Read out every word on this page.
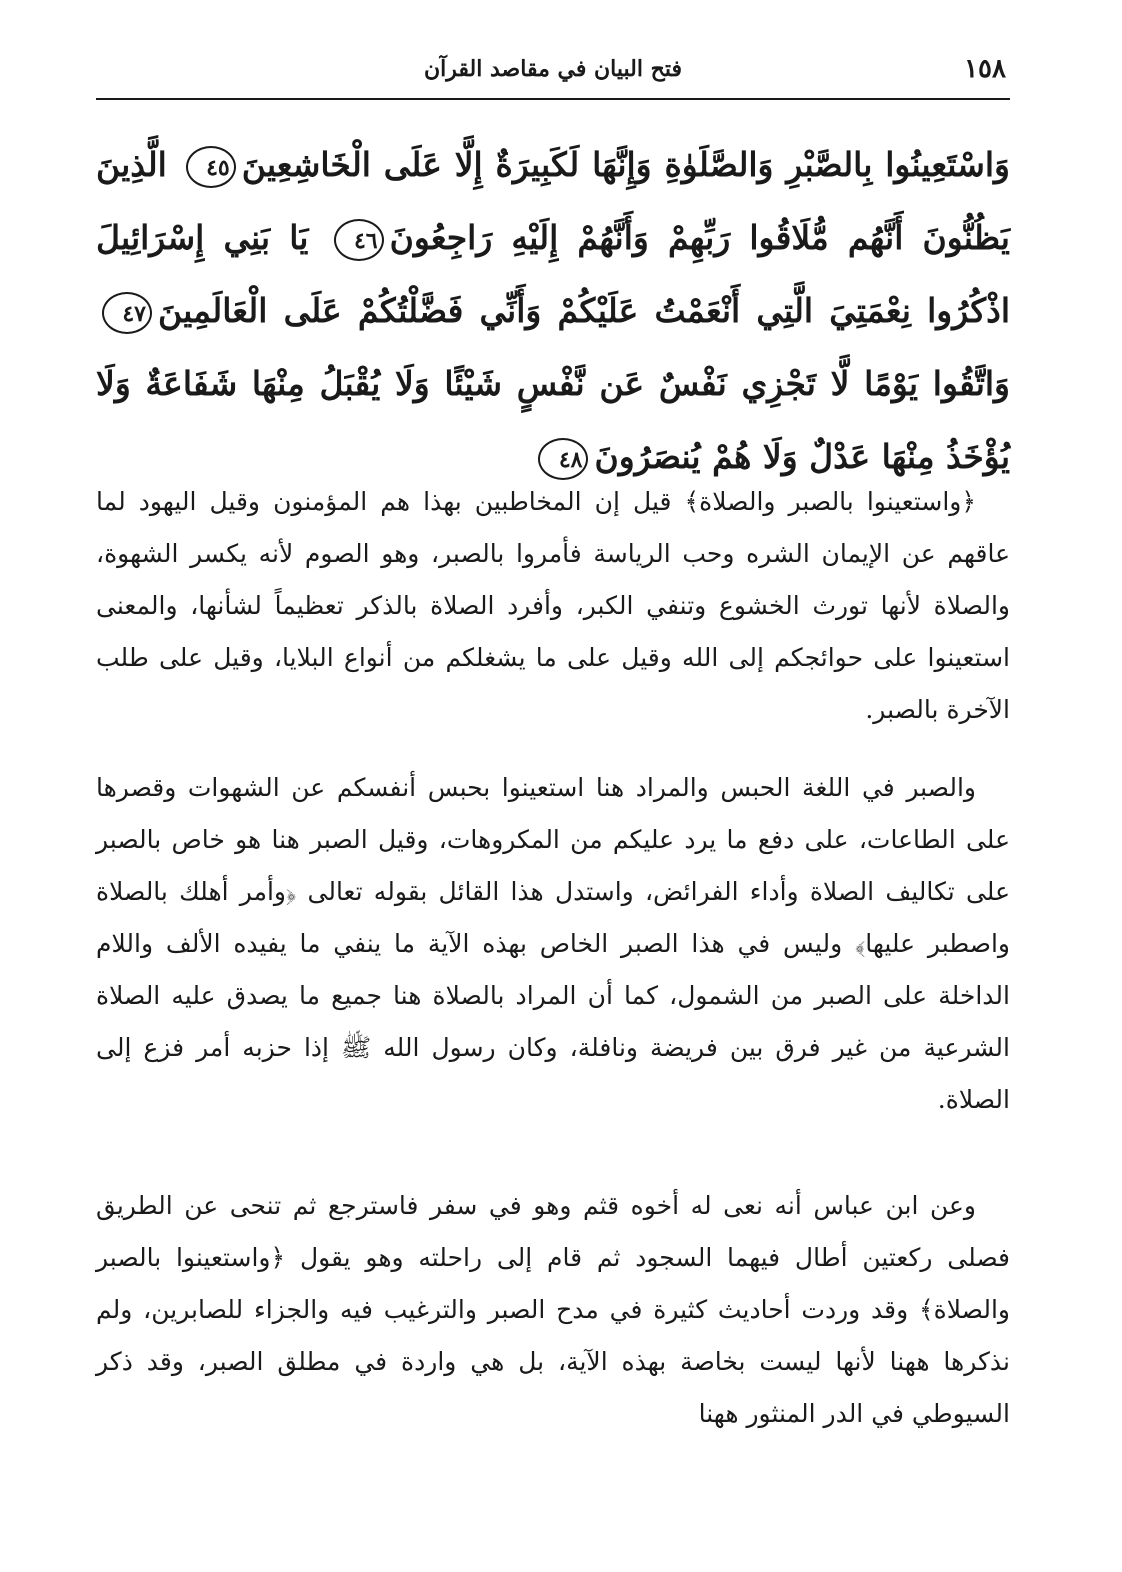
١٥٨
فتح البيان في مقاصد القرآن
وَاسْتَعِينُوا بِالصَّبْرِ وَالصَّلَوٰةِ وَإِنَّهَا لَكَبِيرَةٌ إِلَّا عَلَى الْخَاشِعِينَ٤٥ الَّذِينَ يَظُنُّونَ أَنَّهُم مُّلَاقُوا رَبِّهِمْ وَأَنَّهُمْ إِلَيْهِ رَاجِعُونَ٤٦ يَا بَنِي إِسْرَائِيلَ اذْكُرُوا نِعْمَتِيَ الَّتِي أَنْعَمْتُ عَلَيْكُمْ وَأَنِّي فَضَّلْتُكُمْ عَلَى الْعَالَمِينَ٤٧ وَاتَّقُوا يَوْمًا لَّا تَجْزِي نَفْسٌ عَن نَّفْسٍ شَيْئًا وَلَا يُقْبَلُ مِنْهَا شَفَاعَةٌ وَلَا يُؤْخَذُ مِنْهَا عَدْلٌ وَلَا هُمْ يُنصَرُونَ٤٨

﴿واستعينوا بالصبر والصلاة﴾ قيل إن المخاطبين بهذا هم المؤمنون وقيل اليهود لما عاقهم عن الإيمان الشره وحب الرياسة فأمروا بالصبر، وهو الصوم لأنه يكسر الشهوة، والصلاة لأنها تورث الخشوع وتنفي الكبر، وأفرد الصلاة بالذكر تعظيماً لشأنها، والمعنى استعينوا على حوائجكم إلى الله وقيل على ما يشغلكم من أنواع البلايا، وقيل على طلب الآخرة بالصبر.

والصبر في اللغة الحبس والمراد هنا استعينوا بحبس أنفسكم عن الشهوات وقصرها على الطاعات، على دفع ما يرد عليكم من المكروهات، وقيل الصبر هنا هو خاص بالصبر على تكاليف الصلاة وأداء الفرائض، واستدل هذا القائل بقوله تعالى ﴿وأمر أهلك بالصلاة واصطبر عليها﴾ وليس في هذا الصبر الخاص بهذه الآية ما ينفي ما يفيده الألف واللام الداخلة على الصبر من الشمول، كما أن المراد بالصلاة هنا جميع ما يصدق عليه الصلاة الشرعية من غير فرق بين فريضة ونافلة، وكان رسول الله ﷺ إذا حزبه أمر فزع إلى الصلاة.

وعن ابن عباس أنه نعى له أخوه قثم وهو في سفر فاسترجع ثم تنحى عن الطريق فصلى ركعتين أطال فيهما السجود ثم قام إلى راحلته وهو يقول ﴿واستعينوا بالصبر والصلاة﴾ وقد وردت أحاديث كثيرة في مدح الصبر والترغيب فيه والجزاء للصابرين، ولم نذكرها ههنا لأنها ليست بخاصة بهذه الآية، بل هي واردة في مطلق الصبر، وقد ذكر السيوطي في الدر المنثور ههنا
